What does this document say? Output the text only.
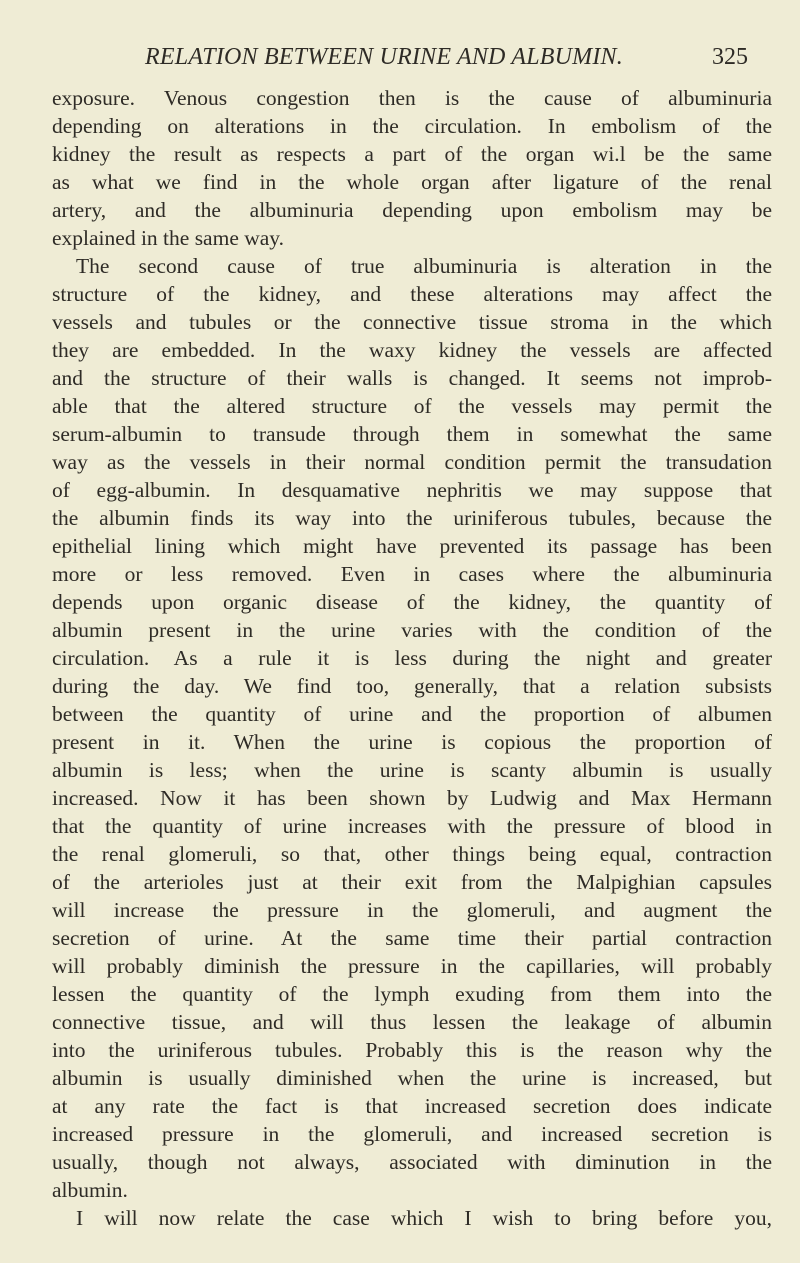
RELATION BETWEEN URINE AND ALBUMIN.	325
exposure. Venous congestion then is the cause of albuminuria
depending on alterations in the circulation. In embolism of the
kidney the result as respects a part of the organ wi.l be the same
as what we find in the whole organ after ligature of the renal
artery, and the albuminuria depending upon embolism may be
explained in the same way.
The second cause of true albuminuria is alteration in the
structure of the kidney, and these alterations may affect the
vessels and tubules or the connective tissue stroma in the which
they are embedded. In the waxy kidney the vessels are affected
and the structure of their walls is changed. It seems not improb-
able that the altered structure of the vessels may permit the
serum-albumin to transude through them in somewhat the same
way as the vessels in their normal condition permit the transudation
of egg-albumin. In desquamative nephritis we may suppose that
the albumin finds its way into the uriniferous tubules, because the
epithelial lining which might have prevented its passage has been
more or less removed. Even in cases where the albuminuria
depends upon organic disease of the kidney, the quantity of
albumin present in the urine varies with the condition of the
circulation. As a rule it is less during the night and greater
during the day. We find too, generally, that a relation subsists
between the quantity of urine and the proportion of albumen
present in it. When the urine is copious the proportion of
albumin is less; when the urine is scanty albumin is usually
increased. Now it has been shown by Ludwig and Max Hermann
that the quantity of urine increases with the pressure of blood in
the renal glomeruli, so that, other things being equal, contraction
of the arterioles just at their exit from the Malpighian capsules
will increase the pressure in the glomeruli, and augment the
secretion of urine. At the same time their partial contraction
will probably diminish the pressure in the capillaries, will probably
lessen the quantity of the lymph exuding from them into the
connective tissue, and will thus lessen the leakage of albumin
into the uriniferous tubules. Probably this is the reason why the
albumin is usually diminished when the urine is increased, but
at any rate the fact is that increased secretion does indicate
increased pressure in the glomeruli, and increased secretion is
usually, though not always, associated with diminution in the
albumin.
I will now relate the case which I wish to bring before you,
